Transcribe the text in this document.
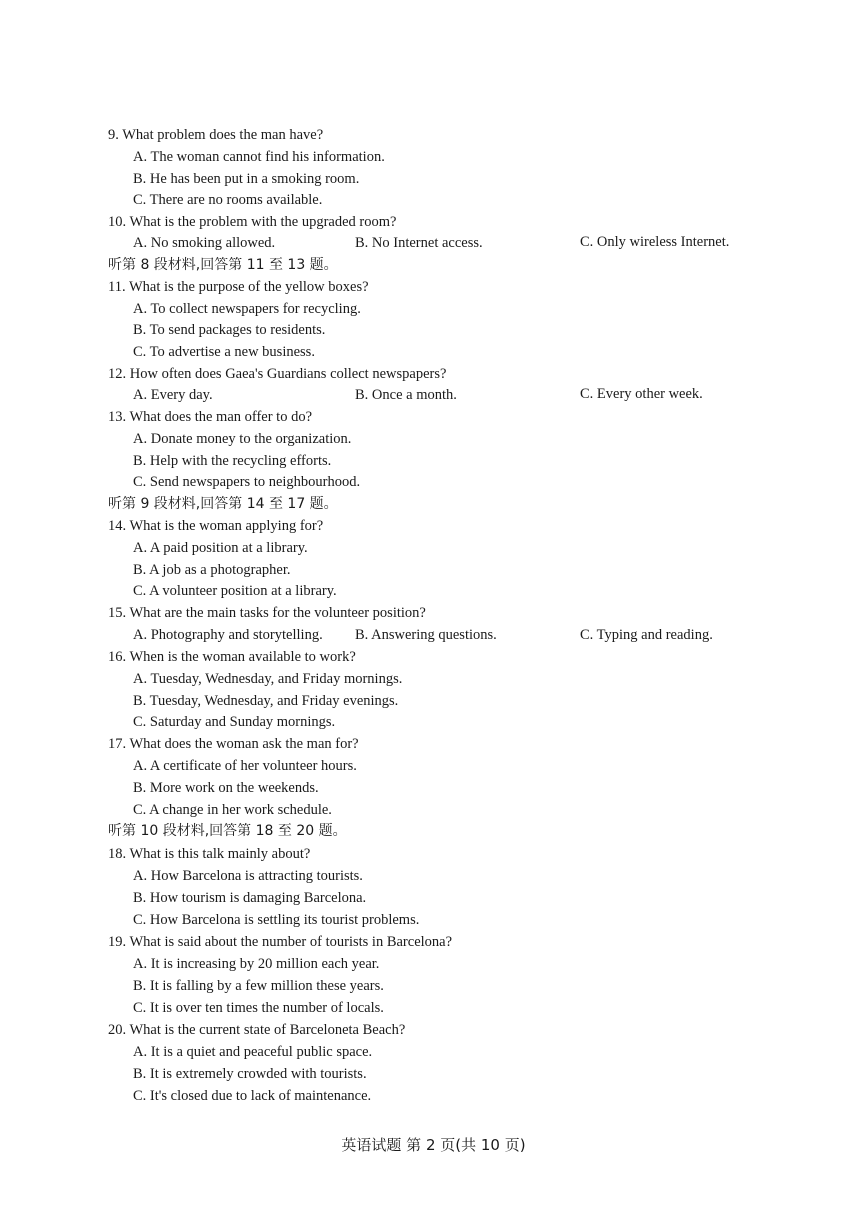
9. What problem does the man have?
A. The woman cannot find his information.
B. He has been put in a smoking room.
C. There are no rooms available.
10. What is the problem with the upgraded room?
A. No smoking allowed.	B. No Internet access.	C. Only wireless Internet.
听第 8 段材料,回答第 11 至 13 题。
11. What is the purpose of the yellow boxes?
A. To collect newspapers for recycling.
B. To send packages to residents.
C. To advertise a new business.
12. How often does Gaea's Guardians collect newspapers?
A. Every day.	B. Once a month.	C. Every other week.
13. What does the man offer to do?
A. Donate money to the organization.
B. Help with the recycling efforts.
C. Send newspapers to neighbourhood.
听第 9 段材料,回答第 14 至 17 题。
14. What is the woman applying for?
A. A paid position at a library.
B. A job as a photographer.
C. A volunteer position at a library.
15. What are the main tasks for the volunteer position?
A. Photography and storytelling. B. Answering questions.	C. Typing and reading.
16. When is the woman available to work?
A. Tuesday, Wednesday, and Friday mornings.
B. Tuesday, Wednesday, and Friday evenings.
C. Saturday and Sunday mornings.
17. What does the woman ask the man for?
A. A certificate of her volunteer hours.
B. More work on the weekends.
C. A change in her work schedule.
听第 10 段材料,回答第 18 至 20 题。
18. What is this talk mainly about?
A. How Barcelona is attracting tourists.
B. How tourism is damaging Barcelona.
C. How Barcelona is settling its tourist problems.
19. What is said about the number of tourists in Barcelona?
A. It is increasing by 20 million each year.
B. It is falling by a few million these years.
C. It is over ten times the number of locals.
20. What is the current state of Barceloneta Beach?
A. It is a quiet and peaceful public space.
B. It is extremely crowded with tourists.
C. It's closed due to lack of maintenance.
英语试题 第 2 页(共 10 页)
